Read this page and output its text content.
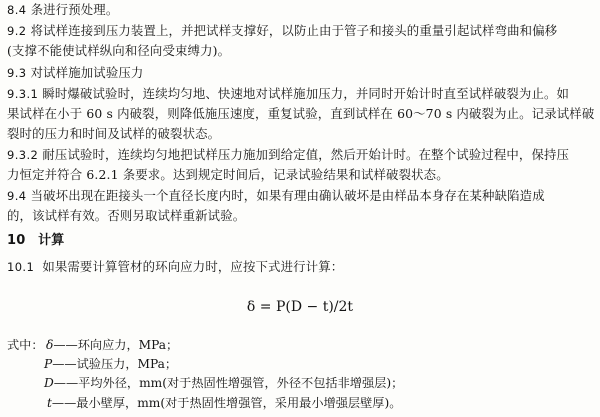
8.4 条进行预处理。
9.2 将试样连接到压力装置上，并把试样支撑好，以防止由于管子和接头的重量引起试样弯曲和偏移
(支撑不能使试样纵向和径向受束缚力)。
9.3 对试样施加试验压力
9.3.1 瞬时爆破试验时，连续均匀地、快速地对试样施加压力，并同时开始计时直至试样破裂为止。如
果试样在小于 60 s 内破裂，则降低施压速度，重复试验，直到试样在 60～70 s 内破裂为止。记录试样破
裂时的压力和时间及试样的破裂状态。
9.3.2 耐压试验时，连续均匀地把试样压力施加到给定值，然后开始计时。在整个试验过程中，保持压
力恒定并符合 6.2.1 条要求。达到规定时间后，记录试验结果和试样破裂状态。
9.4 当破坏出现在距接头一个直径长度内时，如果有理由确认破坏是由样品本身存在某种缺陷造成
的，该试样有效。否则另取试样重新试验。
10 计算
10.1 如果需要计算管材的环向应力时，应按下式进行计算：
δ = P(D − t)/2t
式中： δ——环向应力，MPa；
P——试验压力，MPa；
D——平均外径，mm(对于热固性增强管，外径不包括非增强层)；
t——最小壁厚，mm(对于热固性增强管，采用最小增强层壁厚)。
